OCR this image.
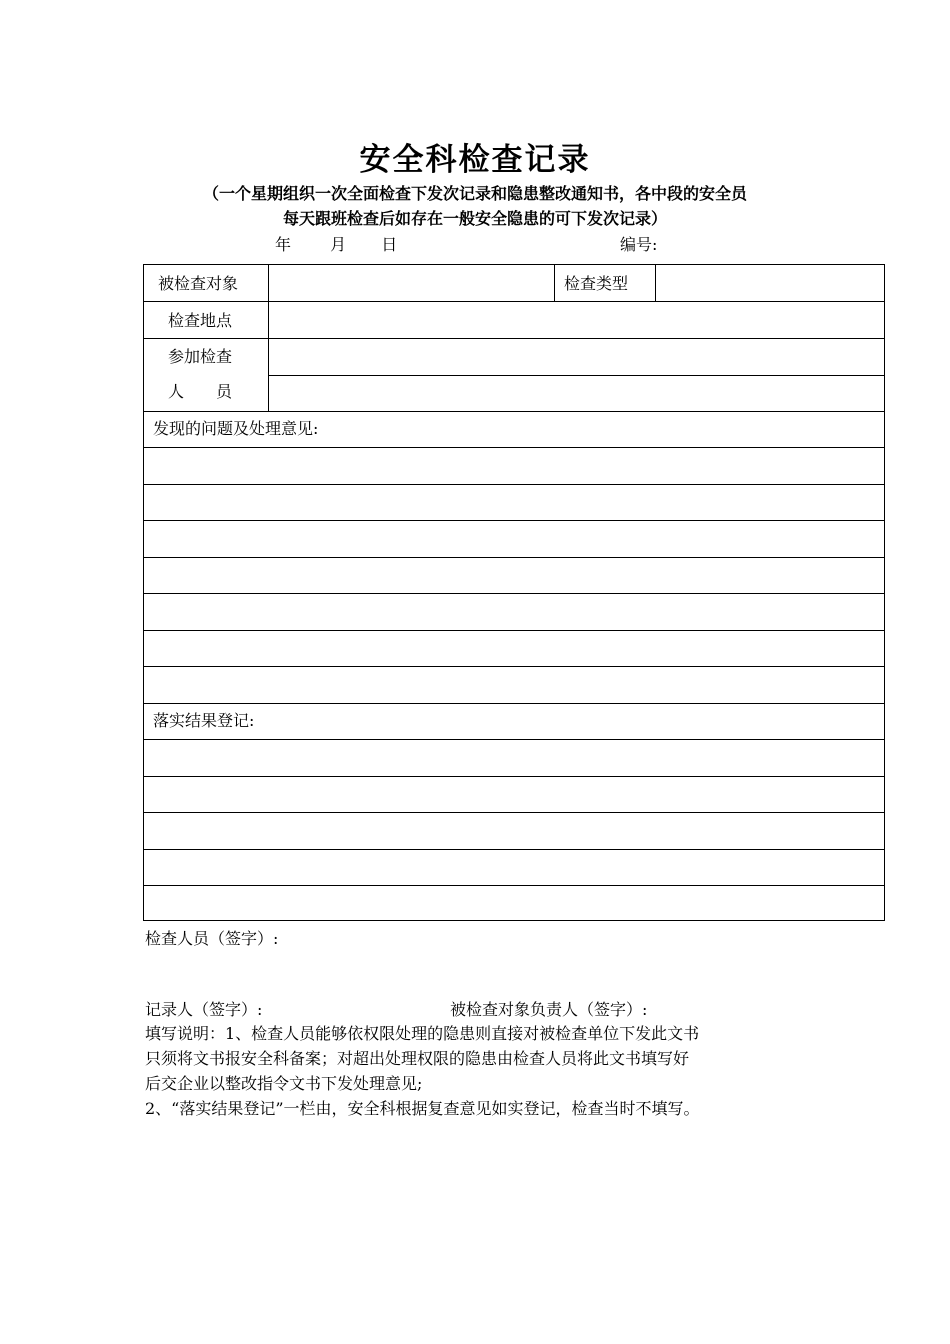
安全科检查记录
（一个星期组织一次全面检查下发次记录和隐患整改通知书，各中段的安全员
每天跟班检查后如存在一般安全隐患的可下发次记录）
年 月 日	编号:
被检查对象	检查类型
检查地点
参加检查
人　　员
发现的问题及处理意见:
落实结果登记:
检查人员（签字）:
记录人（签字）:	被检查对象负责人（签字）:
填写说明：1、检查人员能够依权限处理的隐患则直接对被检查单位下发此文书
只须将文书报安全科备案；对超出处理权限的隐患由检查人员将此文书填写好
后交企业以整改指令文书下发处理意见;
2、“落实结果登记”一栏由，安全科根据复查意见如实登记，检查当时不填写。
